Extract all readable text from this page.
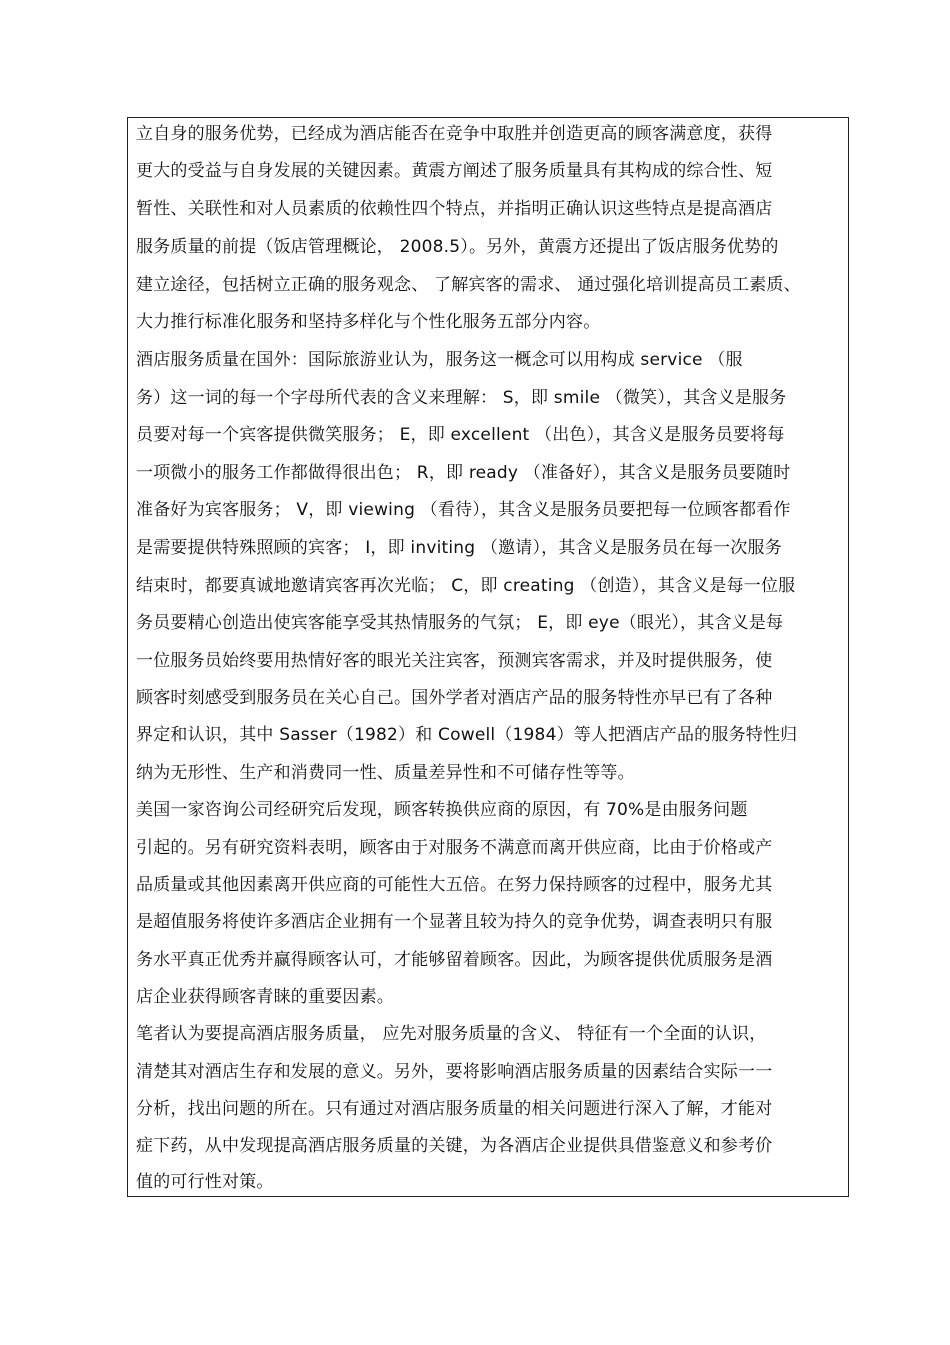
立自身的服务优势，已经成为酒店能否在竞争中取胜并创造更高的顾客满意度，获得
更大的受益与自身发展的关键因素。黄震方阐述了服务质量具有其构成的综合性、短
暂性、关联性和对人员素质的依赖性四个特点，并指明正确认识这些特点是提高酒店
服务质量的前提（饭店管理概论， 2008.5）。另外，黄震方还提出了饭店服务优势的
建立途径，包括树立正确的服务观念、 了解宾客的需求、 通过强化培训提高员工素质、
大力推行标准化服务和坚持多样化与个性化服务五部分内容。
酒店服务质量在国外：国际旅游业认为，服务这一概念可以用构成 service （服
务）这一词的每一个字母所代表的含义来理解： S，即 smile （微笑），其含义是服务
员要对每一个宾客提供微笑服务； E，即 excellent （出色），其含义是服务员要将每
一项微小的服务工作都做得很出色； R，即 ready （准备好），其含义是服务员要随时
准备好为宾客服务； V，即 viewing （看待），其含义是服务员要把每一位顾客都看作
是需要提供特殊照顾的宾客； I，即 inviting （邀请），其含义是服务员在每一次服务
结束时，都要真诚地邀请宾客再次光临； C，即 creating （创造），其含义是每一位服
务员要精心创造出使宾客能享受其热情服务的气氛； E，即 eye（眼光），其含义是每
一位服务员始终要用热情好客的眼光关注宾客，预测宾客需求，并及时提供服务，使
顾客时刻感受到服务员在关心自己。国外学者对酒店产品的服务特性亦早已有了各种
界定和认识，其中 Sasser（1982）和 Cowell（1984）等人把酒店产品的服务特性归
纳为无形性、生产和消费同一性、质量差异性和不可储存性等等。
美国一家咨询公司经研究后发现，顾客转换供应商的原因，有 70%是由服务问题
引起的。另有研究资料表明，顾客由于对服务不满意而离开供应商，比由于价格或产
品质量或其他因素离开供应商的可能性大五倍。在努力保持顾客的过程中，服务尤其
是超值服务将使许多酒店企业拥有一个显著且较为持久的竞争优势，调查表明只有服
务水平真正优秀并赢得顾客认可，才能够留着顾客。因此，为顾客提供优质服务是酒
店企业获得顾客青睐的重要因素。
笔者认为要提高酒店服务质量， 应先对服务质量的含义、 特征有一个全面的认识，
清楚其对酒店生存和发展的意义。另外，要将影响酒店服务质量的因素结合实际一一
分析，找出问题的所在。只有通过对酒店服务质量的相关问题进行深入了解，才能对
症下药，从中发现提高酒店服务质量的关键，为各酒店企业提供具借鉴意义和参考价
值的可行性对策。
